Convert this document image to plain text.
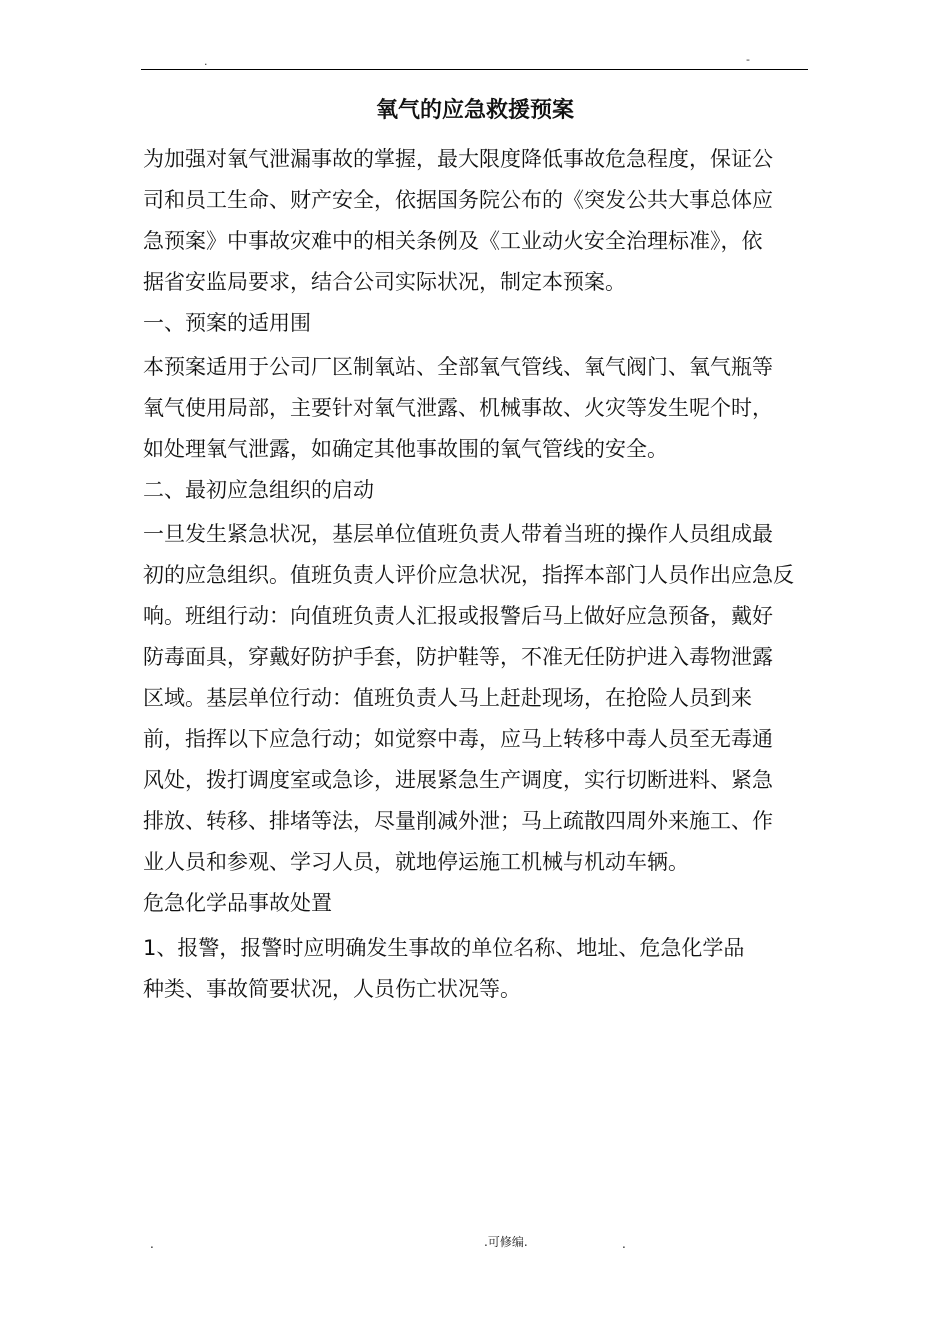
.	-
氧气的应急救援预案
为加强对氧气泄漏事故的掌握，最大限度降低事故危急程度，保证公
司和员工生命、财产安全，依据国务院公布的《突发公共大事总体应
急预案》中事故灾难中的相关条例及《工业动火安全治理标准》，依
据省安监局要求，结合公司实际状况，制定本预案。
一、预案的适用围
本预案适用于公司厂区制氧站、全部氧气管线、氧气阀门、氧气瓶等
氧气使用局部，主要针对氧气泄露、机械事故、火灾等发生呢个时，
如处理氧气泄露，如确定其他事故围的氧气管线的安全。
二、最初应急组织的启动
一旦发生紧急状况，基层单位值班负责人带着当班的操作人员组成最
初的应急组织。值班负责人评价应急状况，指挥本部门人员作出应急反
响。班组行动：向值班负责人汇报或报警后马上做好应急预备，戴好
防毒面具，穿戴好防护手套，防护鞋等，不准无任防护进入毒物泄露
区域。基层单位行动：值班负责人马上赶赴现场，在抢险人员到来
前，指挥以下应急行动；如觉察中毒，应马上转移中毒人员至无毒通
风处，拨打调度室或急诊，进展紧急生产调度，实行切断进料、紧急
排放、转移、排堵等法，尽量削减外泄；马上疏散四周外来施工、作
业人员和参观、学习人员，就地停运施工机械与机动车辆。
危急化学品事故处置
1、报警，报警时应明确发生事故的单位名称、地址、危急化学品
种类、事故简要状况，人员伤亡状况等。
.	.可修编.	.
